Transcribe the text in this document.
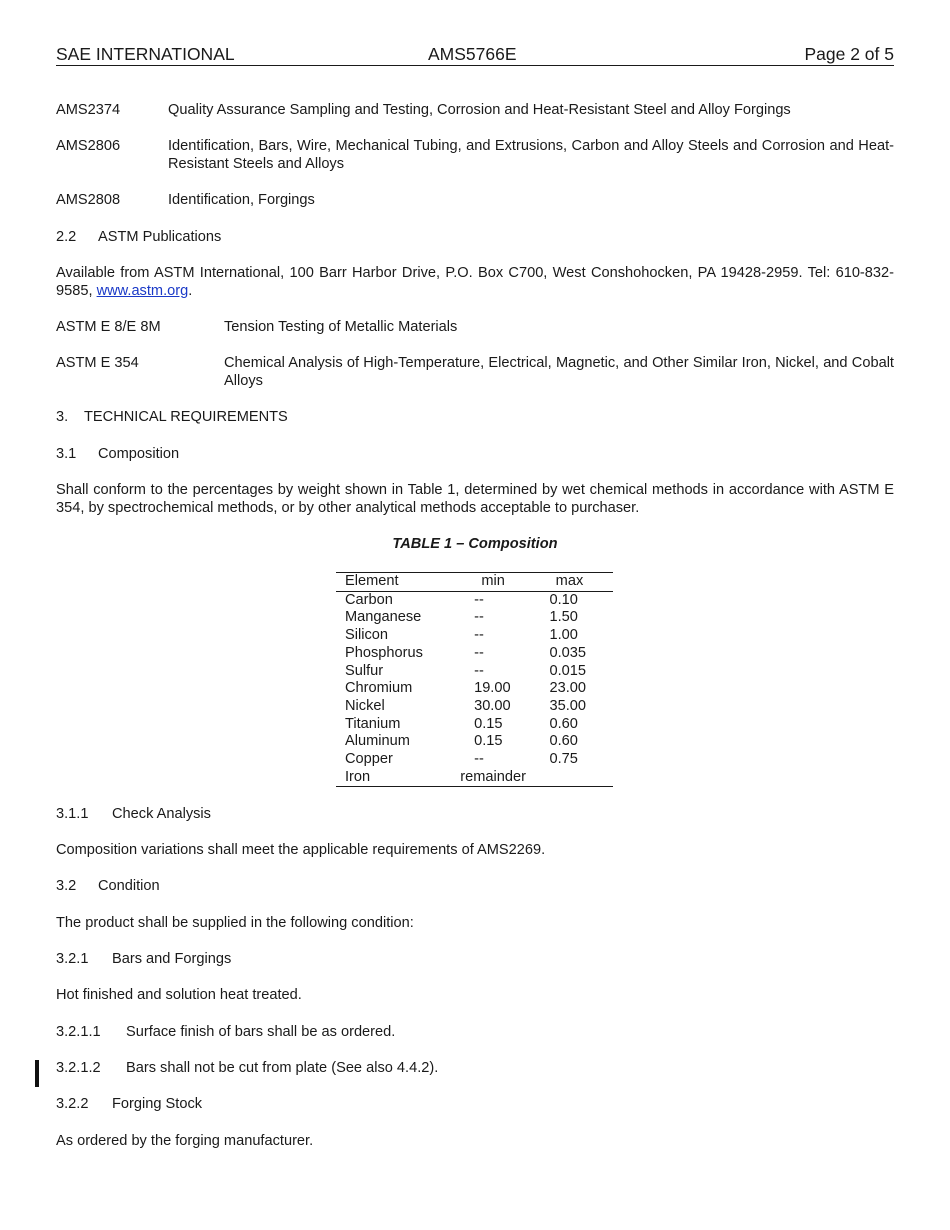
SAE INTERNATIONAL	AMS5766E	Page 2 of 5
AMS2374	Quality Assurance Sampling and Testing, Corrosion and Heat-Resistant Steel and Alloy Forgings
AMS2806	Identification, Bars, Wire, Mechanical Tubing, and Extrusions, Carbon and Alloy Steels and Corrosion and Heat-Resistant Steels and Alloys
AMS2808	Identification, Forgings
2.2 ASTM Publications
Available from ASTM International, 100 Barr Harbor Drive, P.O. Box C700, West Conshohocken, PA 19428-2959. Tel: 610-832-9585, www.astm.org.
ASTM E 8/E 8M	Tension Testing of Metallic Materials
ASTM E 354	Chemical Analysis of High-Temperature, Electrical, Magnetic, and Other Similar Iron, Nickel, and Cobalt Alloys
3. TECHNICAL REQUIREMENTS
3.1 Composition
Shall conform to the percentages by weight shown in Table 1, determined by wet chemical methods in accordance with ASTM E 354, by spectrochemical methods, or by other analytical methods acceptable to purchaser.
TABLE 1 – Composition
Element	min	max
Carbon	--	0.10
Manganese	--	1.50
Silicon	--	1.00
Phosphorus	--	0.035
Sulfur	--	0.015
Chromium	19.00	23.00
Nickel	30.00	35.00
Titanium	0.15	0.60
Aluminum	0.15	0.60
Copper	--	0.75
Iron	remainder	
3.1.1 Check Analysis
Composition variations shall meet the applicable requirements of AMS2269.
3.2 Condition
The product shall be supplied in the following condition:
3.2.1 Bars and Forgings
Hot finished and solution heat treated.
3.2.1.1 Surface finish of bars shall be as ordered.
3.2.1.2 Bars shall not be cut from plate (See also 4.4.2).
3.2.2 Forging Stock
As ordered by the forging manufacturer.
